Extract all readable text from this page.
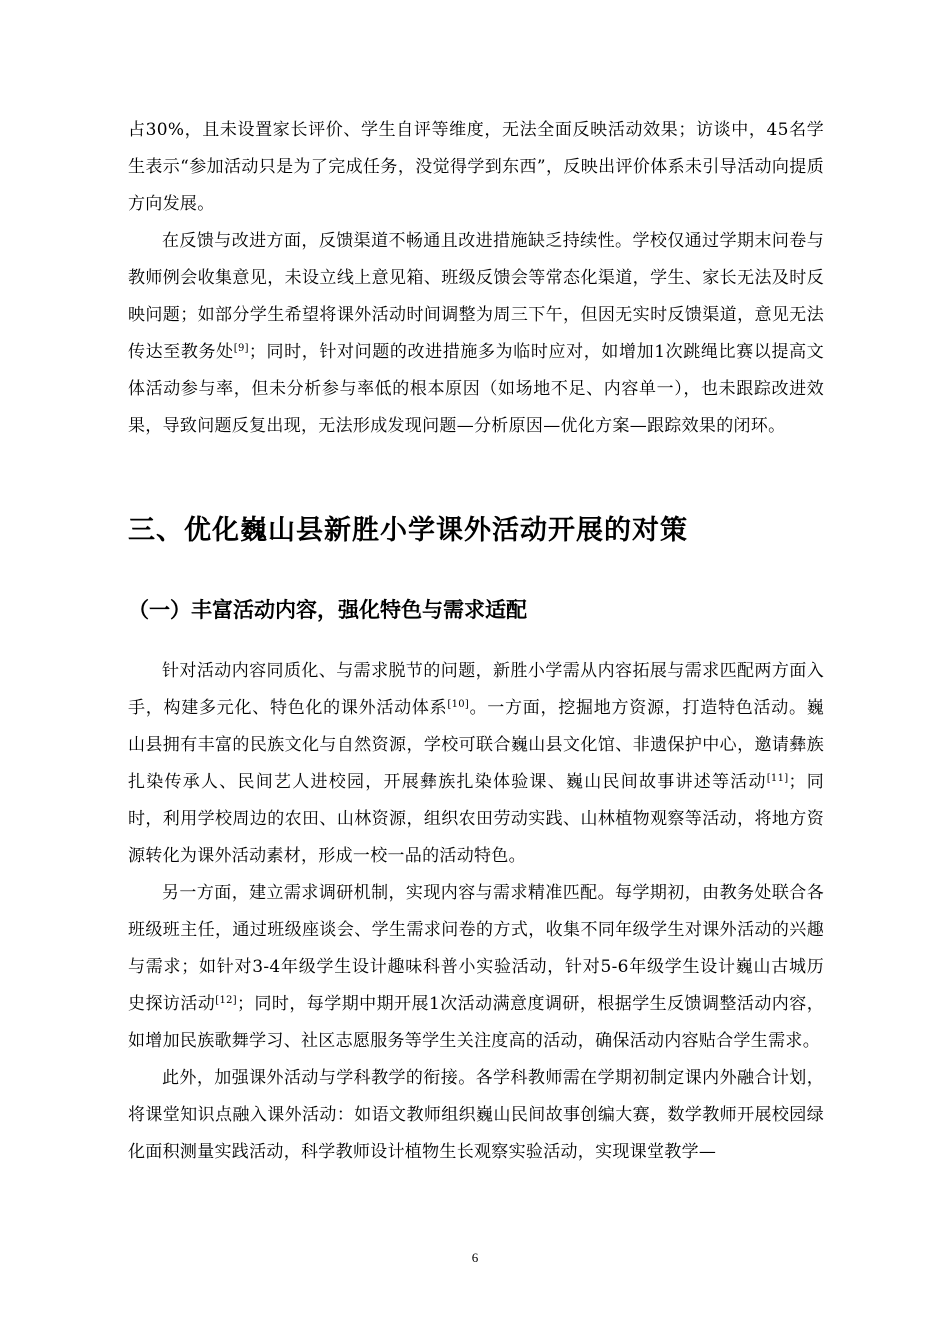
占30%，且未设置家长评价、学生自评等维度，无法全面反映活动效果；访谈中，45名学生表示“参加活动只是为了完成任务，没觉得学到东西”，反映出评价体系未引导活动向提质方向发展。

在反馈与改进方面，反馈渠道不畅通且改进措施缺乏持续性。学校仅通过学期末问卷与教师例会收集意见，未设立线上意见箱、班级反馈会等常态化渠道，学生、家长无法及时反映问题；如部分学生希望将课外活动时间调整为周三下午，但因无实时反馈渠道，意见无法传达至教务处[9]；同时，针对问题的改进措施多为临时应对，如增加1次跳绳比赛以提高文体活动参与率，但未分析参与率低的根本原因（如场地不足、内容单一），也未跟踪改进效果，导致问题反复出现，无法形成发现问题—分析原因—优化方案—跟踪效果的闭环。

三、优化巍山县新胜小学课外活动开展的对策
（一）丰富活动内容，强化特色与需求适配

针对活动内容同质化、与需求脱节的问题，新胜小学需从内容拓展与需求匹配两方面入手，构建多元化、特色化的课外活动体系[10]。一方面，挖掘地方资源，打造特色活动。巍山县拥有丰富的民族文化与自然资源，学校可联合巍山县文化馆、非遗保护中心，邀请彝族扎染传承人、民间艺人进校园，开展彝族扎染体验课、巍山民间故事讲述等活动[11]；同时，利用学校周边的农田、山林资源，组织农田劳动实践、山林植物观察等活动，将地方资源转化为课外活动素材，形成一校一品的活动特色。

另一方面，建立需求调研机制，实现内容与需求精准匹配。每学期初，由教务处联合各班级班主任，通过班级座谈会、学生需求问卷的方式，收集不同年级学生对课外活动的兴趣与需求；如针对3-4年级学生设计趣味科普小实验活动，针对5-6年级学生设计巍山古城历史探访活动[12]；同时，每学期中期开展1次活动满意度调研，根据学生反馈调整活动内容，如增加民族歌舞学习、社区志愿服务等学生关注度高的活动，确保活动内容贴合学生需求。

此外，加强课外活动与学科教学的衔接。各学科教师需在学期初制定课内外融合计划，将课堂知识点融入课外活动：如语文教师组织巍山民间故事创编大赛，数学教师开展校园绿化面积测量实践活动，科学教师设计植物生长观察实验活动，实现课堂教学—

6
